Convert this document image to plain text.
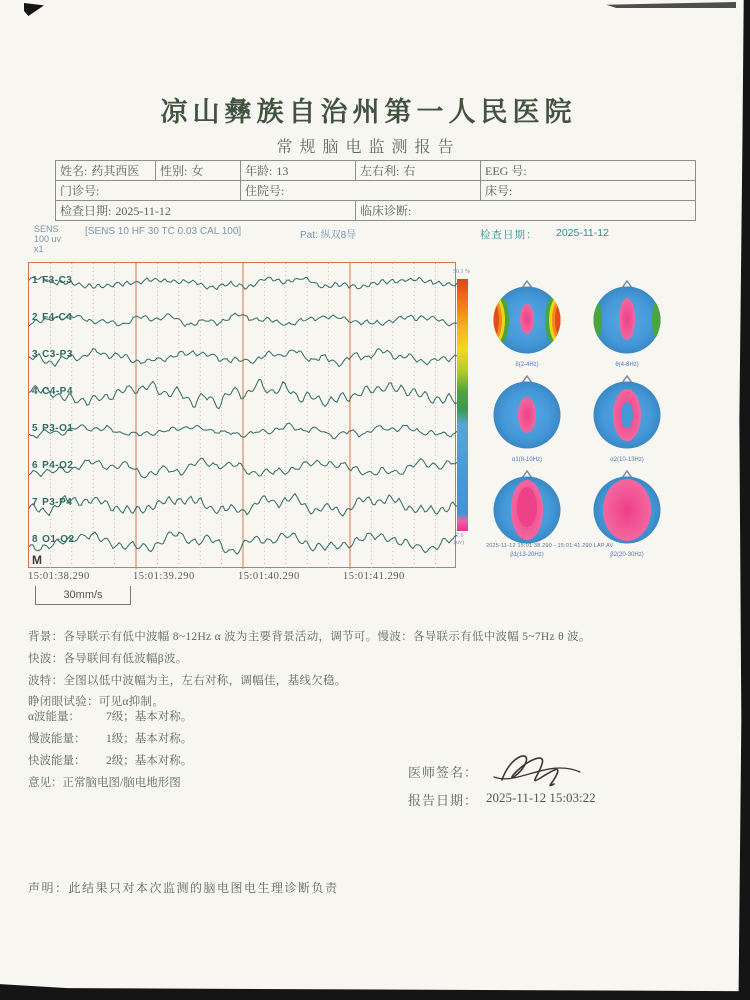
凉山彝族自治州第一人民医院
常规脑电监测报告
姓名: 药其西医	性别: 女	年龄: 13	左右利: 右	EEG 号:
门诊号:		住院号:		床号:
检查日期: 2025-11-12			临床诊断:	
SENS
100 uv
x1
[SENS 10 HF 30 TC 0.03 CAL 100]	Pat: 纵双8导	检查日期： 2025-11-12
1 F3-C3
2 F4-C4
3 C3-P3
4 C4-P4
5 P3-O1
6 P4-O2
7 P3-P4
8 O1-O2
M
15:01:38.290	15:01:39.290	15:01:40.290	15:01:41.290
30mm/s
50.1 %
7.0
(uv)
δ(2-4Hz)	θ(4-8Hz)
α1(8-10Hz)	α2(10-13Hz)
β1(13-20Hz)	β2(20-30Hz)
2025-11-12 15:01:38.290 - 15:01:41.290 LAP AV
背景：各导联示有低中波幅 8~12Hz α 波为主要背景活动，调节可。慢波：各导联示有低中波幅 5~7Hz θ 波。
快波：各导联间有低波幅β波。
波特：全图以低中波幅为主，左右对称，调幅佳，基线欠稳。
睁闭眼试验：可见α抑制。
α波能量： 7级；基本对称。
慢波能量： 1级；基本对称。
快波能量： 2级；基本对称。
意见：正常脑电图/脑电地形图
医师签名：
报告日期： 2025-11-12 15:03:22
声明：此结果只对本次监测的脑电图电生理诊断负责
